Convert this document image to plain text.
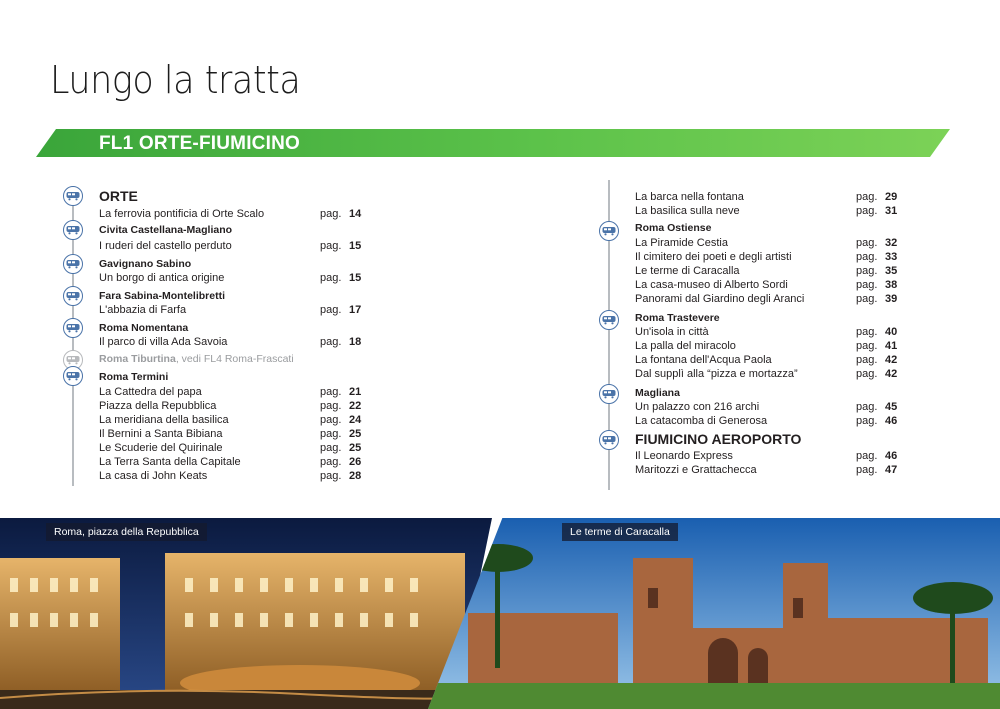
Lungo la tratta
FL1 ORTE-FIUMICINO
ORTE
La ferrovia pontificia di Orte Scalo	pag. 14
Civita Castellana-Magliano
I ruderi del castello perduto	pag. 15
Gavignano Sabino
Un borgo di antica origine	pag. 15
Fara Sabina-Montelibretti
L'abbazia di Farfa	pag. 17
Roma Nomentana
Il parco di villa Ada Savoia	pag. 18
Roma Tiburtina, vedi FL4 Roma-Frascati
Roma Termini
La Cattedra del papa	pag. 21
Piazza della Repubblica	pag. 22
La meridiana della basilica	pag. 24
Il Bernini a Santa Bibiana	pag. 25
Le Scuderie del Quirinale	pag. 25
La Terra Santa della Capitale	pag. 26
La casa di John Keats	pag. 28
La barca nella fontana	pag. 29
La basilica sulla neve	pag. 31
Roma Ostiense
La Piramide Cestia	pag. 32
Il cimitero dei poeti e degli artisti	pag. 33
Le terme di Caracalla	pag. 35
La casa-museo di Alberto Sordi	pag. 38
Panorami dal Giardino degli Aranci	pag. 39
Roma Trastevere
Un'isola in città	pag. 40
La palla del miracolo	pag. 41
La fontana dell'Acqua Paola	pag. 42
Dal supplì alla “pizza e mortazza”	pag. 42
Magliana
Un palazzo con 216 archi	pag. 45
La catacomba di Generosa	pag. 46
FIUMICINO AEROPORTO
Il Leonardo Express	pag. 46
Maritozzi e Grattachecca	pag. 47
Roma, piazza della Repubblica	Le terme di Caracalla
